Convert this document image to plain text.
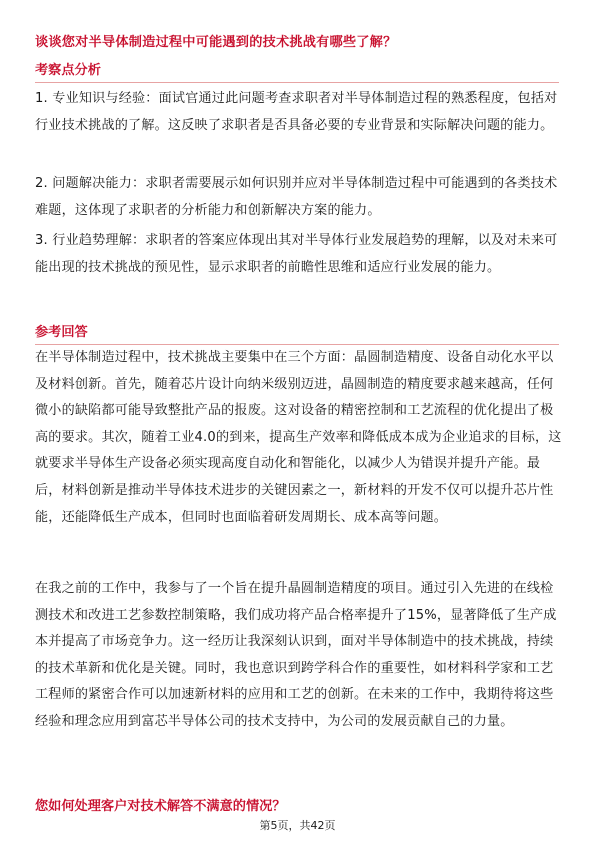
谈谈您对半导体制造过程中可能遇到的技术挑战有哪些了解？
考察点分析

1. 专业知识与经验：面试官通过此问题考查求职者对半导体制造过程的熟悉程度，包括对行业技术挑战的了解。这反映了求职者是否具备必要的专业背景和实际解决问题的能力。

2. 问题解决能力：求职者需要展示如何识别并应对半导体制造过程中可能遇到的各类技术难题，这体现了求职者的分析能力和创新解决方案的能力。

3. 行业趋势理解：求职者的答案应体现出其对半导体行业发展趋势的理解，以及对未来可能出现的技术挑战的预见性，显示求职者的前瞻性思维和适应行业发展的能力。

参考回答

在半导体制造过程中，技术挑战主要集中在三个方面：晶圆制造精度、设备自动化水平以及材料创新。首先，随着芯片设计向纳米级别迈进，晶圆制造的精度要求越来越高，任何微小的缺陷都可能导致整批产品的报废。这对设备的精密控制和工艺流程的优化提出了极高的要求。其次，随着工业4.0的到来，提高生产效率和降低成本成为企业追求的目标，这就要求半导体生产设备必须实现高度自动化和智能化，以减少人为错误并提升产能。最后，材料创新是推动半导体技术进步的关键因素之一，新材料的开发不仅可以提升芯片性能，还能降低生产成本，但同时也面临着研发周期长、成本高等问题。

在我之前的工作中，我参与了一个旨在提升晶圆制造精度的项目。通过引入先进的在线检测技术和改进工艺参数控制策略，我们成功将产品合格率提升了15%，显著降低了生产成本并提高了市场竞争力。这一经历让我深刻认识到，面对半导体制造中的技术挑战，持续的技术革新和优化是关键。同时，我也意识到跨学科合作的重要性，如材料科学家和工艺工程师的紧密合作可以加速新材料的应用和工艺的创新。在未来的工作中，我期待将这些经验和理念应用到富芯半导体公司的技术支持中，为公司的发展贡献自己的力量。

您如何处理客户对技术解答不满意的情况？
第5页，共42页
